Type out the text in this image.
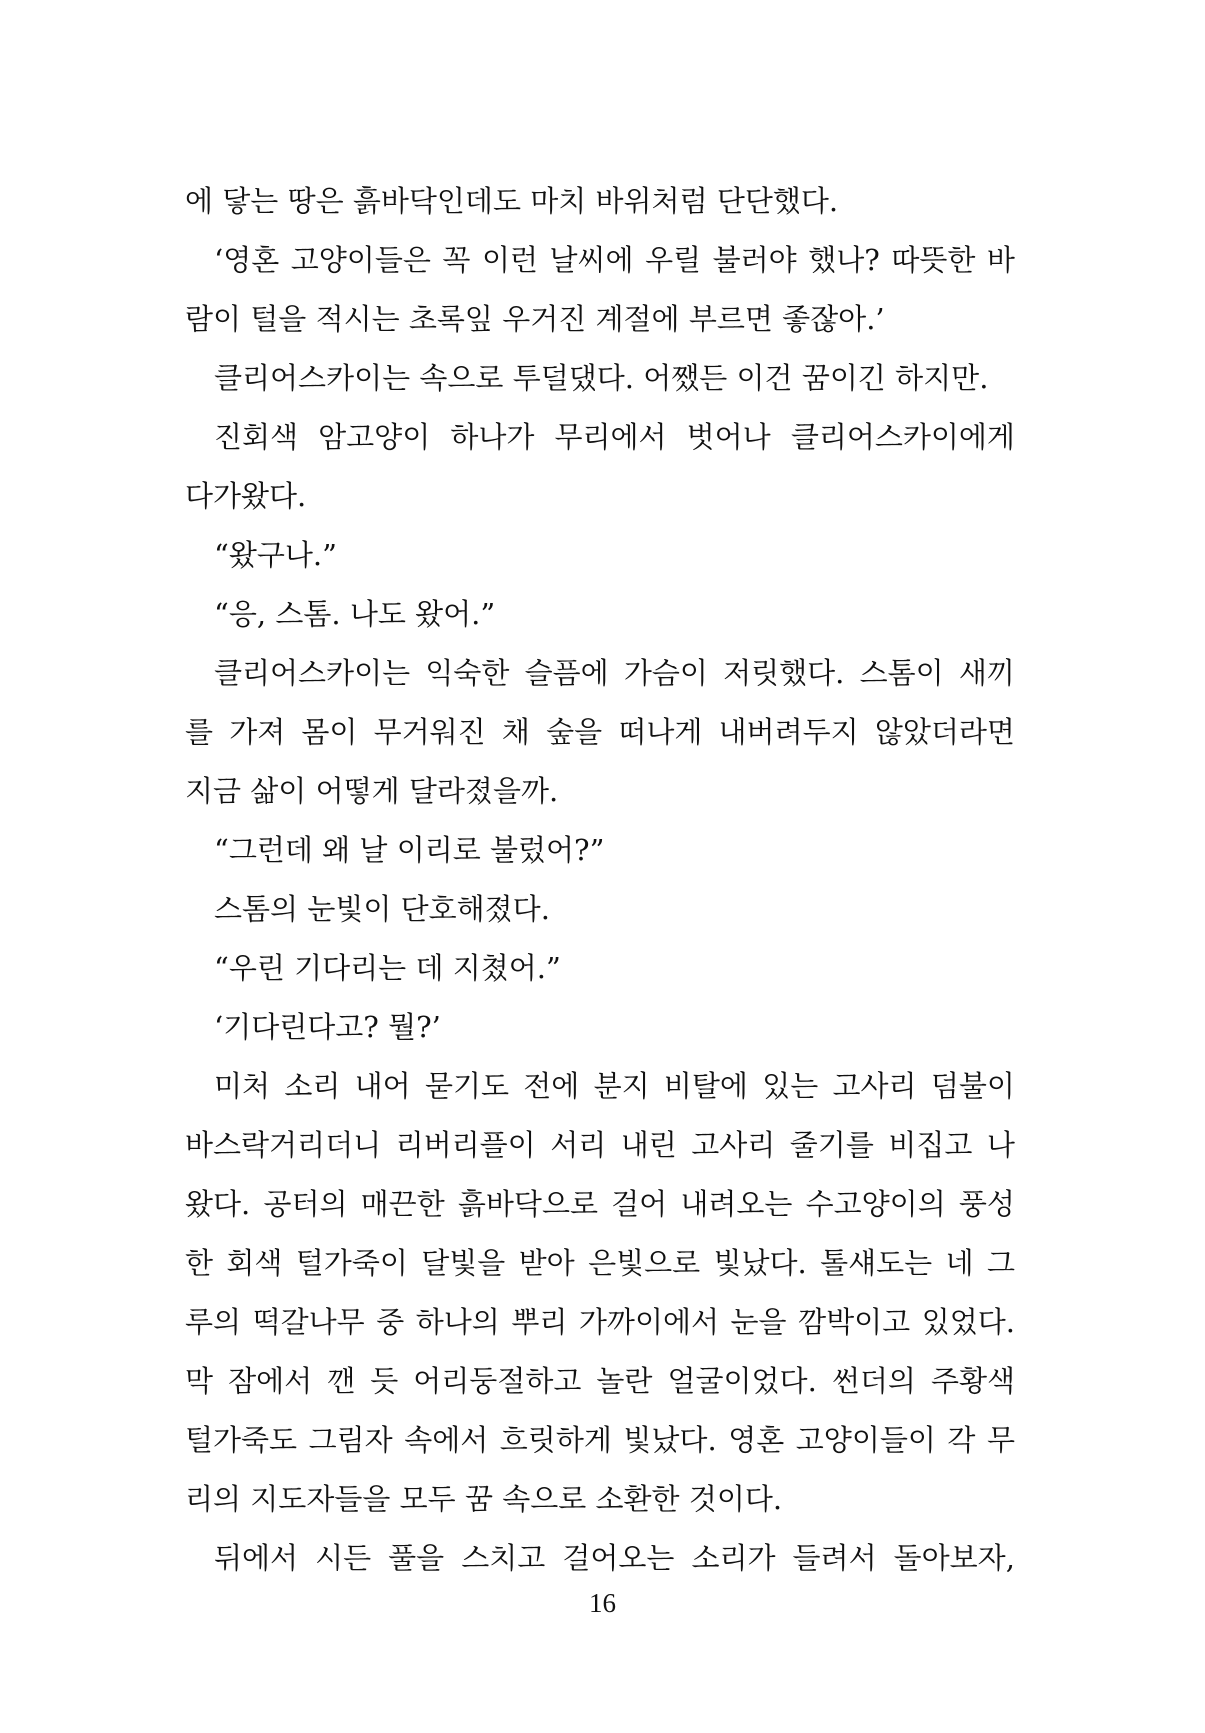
에 닿는 땅은 흙바닥인데도 마치 바위처럼 단단했다.
‘영혼 고양이들은 꼭 이런 날씨에 우릴 불러야 했나? 따뜻한 바
람이 털을 적시는 초록잎 우거진 계절에 부르면 좋잖아.’
클리어스카이는 속으로 투덜댔다. 어쨌든 이건 꿈이긴 하지만.
진회색 암고양이 하나가 무리에서 벗어나 클리어스카이에게
다가왔다.
“왔구나.”
“응, 스톰. 나도 왔어.”
클리어스카이는 익숙한 슬픔에 가슴이 저릿했다. 스톰이 새끼
를 가져 몸이 무거워진 채 숲을 떠나게 내버려두지 않았더라면
지금 삶이 어떻게 달라졌을까.
“그런데 왜 날 이리로 불렀어?”
스톰의 눈빛이 단호해졌다.
“우린 기다리는 데 지쳤어.”
‘기다린다고? 뭘?’
미처 소리 내어 묻기도 전에 분지 비탈에 있는 고사리 덤불이
바스락거리더니 리버리플이 서리 내린 고사리 줄기를 비집고 나
왔다. 공터의 매끈한 흙바닥으로 걸어 내려오는 수고양이의 풍성
한 회색 털가죽이 달빛을 받아 은빛으로 빛났다. 톨섀도는 네 그
루의 떡갈나무 중 하나의 뿌리 가까이에서 눈을 깜박이고 있었다.
막 잠에서 깬 듯 어리둥절하고 놀란 얼굴이었다. 썬더의 주황색
털가죽도 그림자 속에서 흐릿하게 빛났다. 영혼 고양이들이 각 무
리의 지도자들을 모두 꿈 속으로 소환한 것이다.
뒤에서 시든 풀을 스치고 걸어오는 소리가 들려서 돌아보자,
16
